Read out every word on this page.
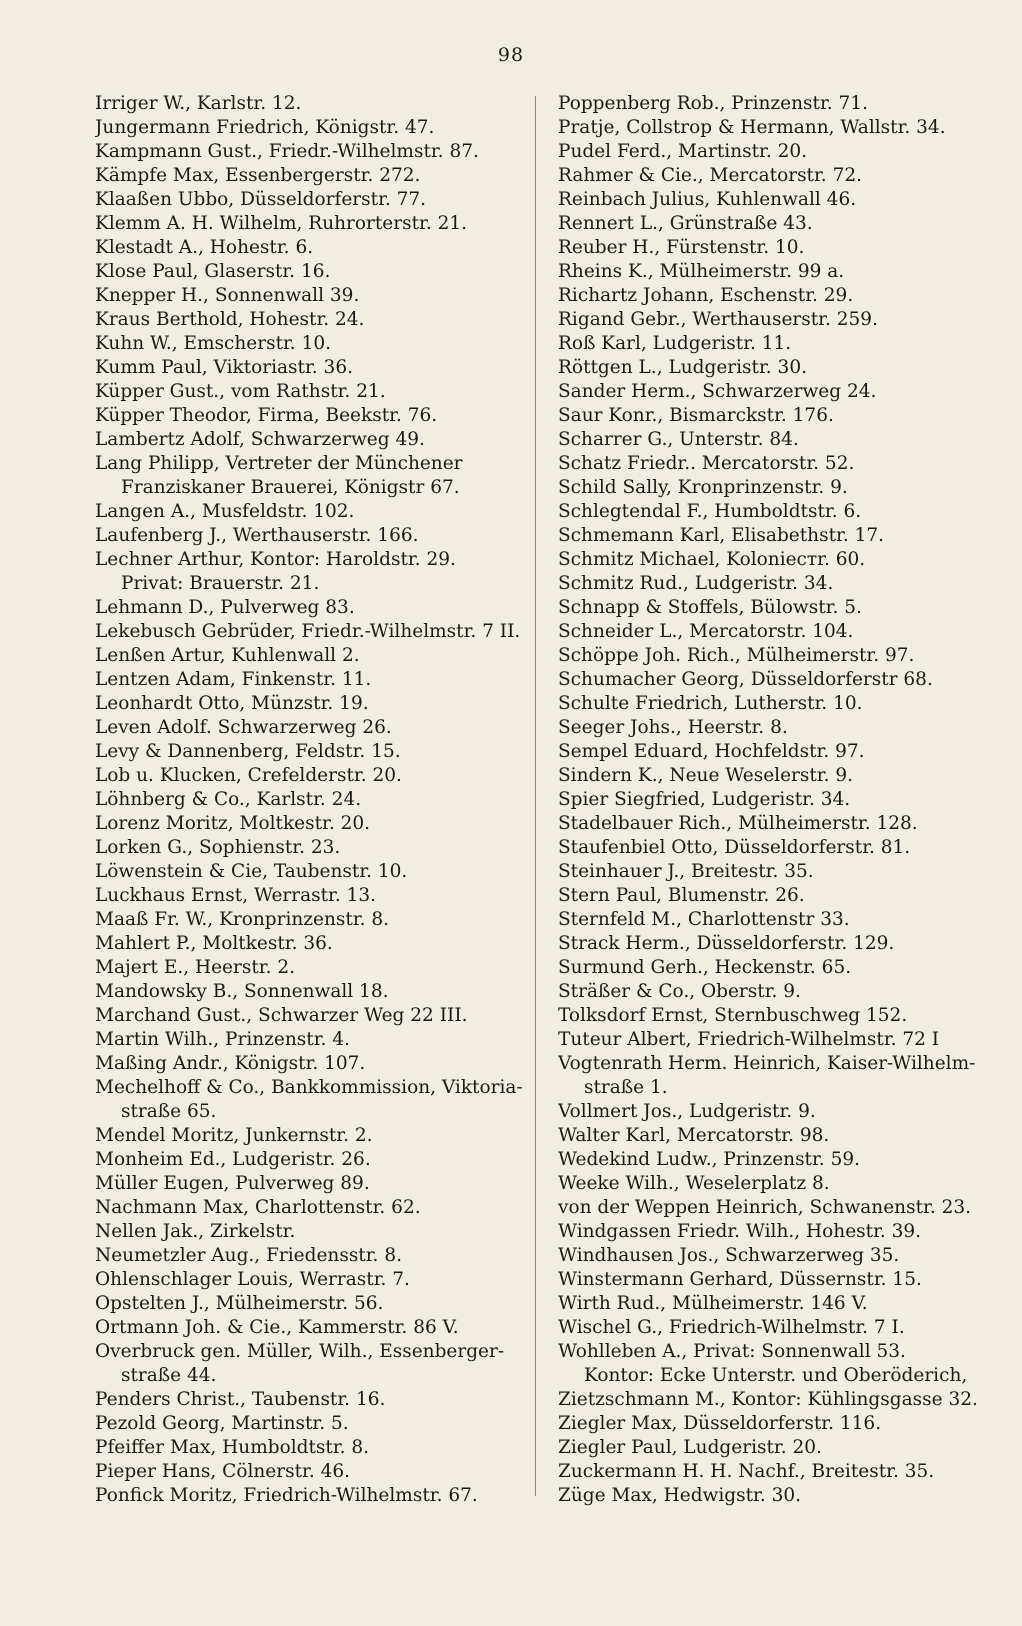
98
Irriger W., Karlstr. 12.
Jungermann Friedrich, Königstr. 47.
Kampmann Gust., Friedr.-Wilhelmstr. 87.
Kämpfe Max, Essenbergerstr. 272.
Klaaßen Ubbo, Düsseldorferstr. 77.
Klemm A. H. Wilhelm, Ruhrorterstr. 21.
Klestadt A., Hohestr. 6.
Klose Paul, Glaserstr. 16.
Knepper H., Sonnenwall 39.
Kraus Berthold, Hohestr. 24.
Kuhn W., Emscherstr. 10.
Kumm Paul, Viktoriastr. 36.
Küpper Gust., vom Rathstr. 21.
Küpper Theodor, Firma, Beekstr. 76.
Lambertz Adolf, Schwarzerweg 49.
Lang Philipp, Vertreter der Münchener
Franziskaner Brauerei, Königstr 67.
Langen A., Musfeldstr. 102.
Laufenberg J., Werthauserstr. 166.
Lechner Arthur, Kontor: Haroldstr. 29.
Privat: Brauerstr. 21.
Lehmann D., Pulverweg 83.
Lekebusch Gebrüder, Friedr.-Wilhelmstr. 7 II.
Lenßen Artur, Kuhlenwall 2.
Lentzen Adam, Finkenstr. 11.
Leonhardt Otto, Münzstr. 19.
Leven Adolf. Schwarzerweg 26.
Levy & Dannenberg, Feldstr. 15.
Lob u. Klucken, Crefelderstr. 20.
Löhnberg & Co., Karlstr. 24.
Lorenz Moritz, Moltkestr. 20.
Lorken G., Sophienstr. 23.
Löwenstein & Cie, Taubenstr. 10.
Luckhaus Ernst, Werrastr. 13.
Maaß Fr. W., Kronprinzenstr. 8.
Mahlert P., Moltkestr. 36.
Majert E., Heerstr. 2.
Mandowsky B., Sonnenwall 18.
Marchand Gust., Schwarzer Weg 22 III.
Martin Wilh., Prinzenstr. 4.
Maßing Andr., Königstr. 107.
Mechelhoff & Co., Bankkommission, Viktoria-
straße 65.
Mendel Moritz, Junkernstr. 2.
Monheim Ed., Ludgeristr. 26.
Müller Eugen, Pulverweg 89.
Nachmann Max, Charlottenstr. 62.
Nellen Jak., Zirkelstr.
Neumetzler Aug., Friedensstr. 8.
Ohlenschlager Louis, Werrastr. 7.
Opstelten J., Mülheimerstr. 56.
Ortmann Joh. & Cie., Kammerstr. 86 V.
Overbruck gen. Müller, Wilh., Essenberger-
straße 44.
Penders Christ., Taubenstr. 16.
Pezold Georg, Martinstr. 5.
Pfeiffer Max, Humboldtstr. 8.
Pieper Hans, Cölnerstr. 46.
Ponfick Moritz, Friedrich-Wilhelmstr. 67.
Poppenberg Rob., Prinzenstr. 71.
Pratje, Collstrop & Hermann, Wallstr. 34.
Pudel Ferd., Martinstr. 20.
Rahmer & Cie., Mercatorstr. 72.
Reinbach Julius, Kuhlenwall 46.
Rennert L., Grünstraße 43.
Reuber H., Fürstenstr. 10.
Rheins K., Mülheimerstr. 99 a.
Richartz Johann, Eschenstr. 29.
Rigand Gebr., Werthauserstr. 259.
Roß Karl, Ludgeristr. 11.
Röttgen L., Ludgeristr. 30.
Sander Herm., Schwarzerweg 24.
Saur Konr., Bismarckstr. 176.
Scharrer G., Unterstr. 84.
Schatz Friedr.. Mercatorstr. 52.
Schild Sally, Kronprinzenstr. 9.
Schlegtendal F., Humboldtstr. 6.
Schmemann Karl, Elisabethstr. 17.
Schmitz Michael, Kolonieстr. 60.
Schmitz Rud., Ludgeristr. 34.
Schnapp & Stoffels, Bülowstr. 5.
Schneider L., Mercatorstr. 104.
Schöppe Joh. Rich., Mülheimerstr. 97.
Schumacher Georg, Düsseldorferstr 68.
Schulte Friedrich, Lutherstr. 10.
Seeger Johs., Heerstr. 8.
Sempel Eduard, Hochfeldstr. 97.
Sindern K., Neue Weselerstr. 9.
Spier Siegfried, Ludgeristr. 34.
Stadelbauer Rich., Mülheimerstr. 128.
Staufenbiel Otto, Düsseldorferstr. 81.
Steinhauer J., Breitestr. 35.
Stern Paul, Blumenstr. 26.
Sternfeld M., Charlottenstr 33.
Strack Herm., Düsseldorferstr. 129.
Surmund Gerh., Heckenstr. 65.
Sträßer & Co., Oberstr. 9.
Tolksdorf Ernst, Sternbuschweg 152.
Tuteur Albert, Friedrich-Wilhelmstr. 72 I
Vogtenrath Herm. Heinrich, Kaiser-Wilhelm-
straße 1.
Vollmert Jos., Ludgeristr. 9.
Walter Karl, Mercatorstr. 98.
Wedekind Ludw., Prinzenstr. 59.
Weeke Wilh., Weselerplatz 8.
von der Weppen Heinrich, Schwanenstr. 23.
Windgassen Friedr. Wilh., Hohestr. 39.
Windhausen Jos., Schwarzerweg 35.
Winstermann Gerhard, Düssernstr. 15.
Wirth Rud., Mülheimerstr. 146 V.
Wischel G., Friedrich-Wilhelmstr. 7 I.
Wohlleben A., Privat: Sonnenwall 53.
Kontor: Ecke Unterstr. und Oberöderich,
Zietzschmann M., Kontor: Kühlingsgasse 32.
Ziegler Max, Düsseldorferstr. 116.
Ziegler Paul, Ludgeristr. 20.
Zuckermann H. H. Nachf., Breitestr. 35.
Züge Max, Hedwigstr. 30.
